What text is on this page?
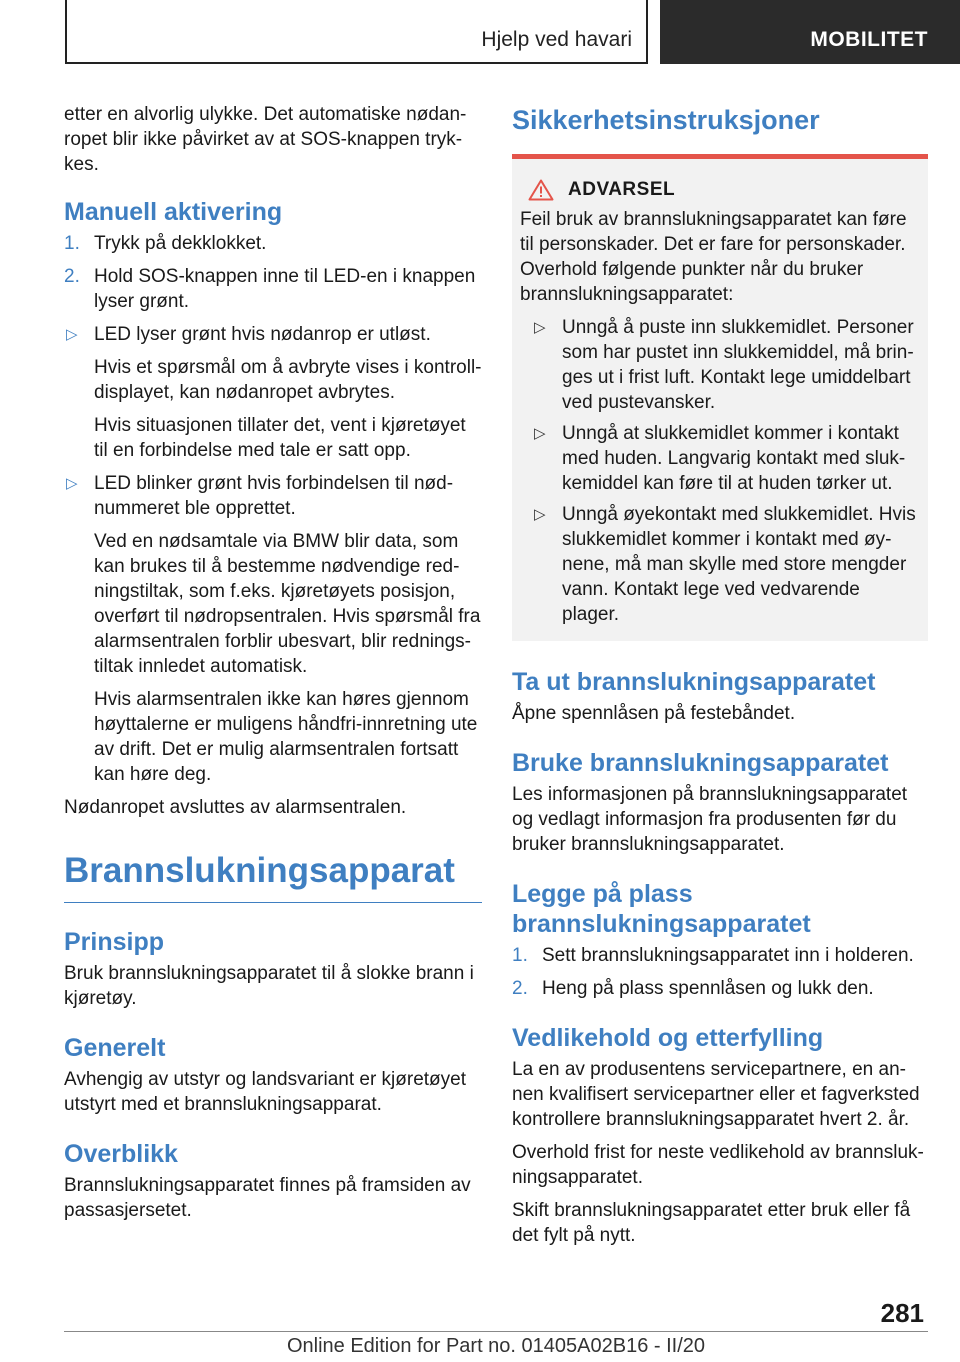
Hjelp ved havari	MOBILITET

etter en alvorlig ulykke. Det automatiske nødan-ropet blir ikke påvirket av at SOS-knappen tryk-kes.

Manuell aktivering
1. Trykk på dekklokket.
2. Hold SOS-knappen inne til LED-en i knappen lyser grønt.
▷ LED lyser grønt hvis nødanrop er utløst.
Hvis et spørsmål om å avbryte vises i kontroll-displayet, kan nødanropet avbrytes.
Hvis situasjonen tillater det, vent i kjøretøyet til en forbindelse med tale er satt opp.
▷ LED blinker grønt hvis forbindelsen til nød-nummeret ble opprettet.
Ved en nødsamtale via BMW blir data, som kan brukes til å bestemme nødvendige red-ningstiltak, som f.eks. kjøretøyets posisjon, overført til nødropsentralen. Hvis spørsmål fra alarmsentralen forblir ubesvart, blir rednings-tiltak innledet automatisk.
Hvis alarmsentralen ikke kan høres gjennom høyttalerne er muligens håndfri-innretning ute av drift. Det er mulig alarmsentralen fortsatt kan høre deg.

Nødanropet avsluttes av alarmsentralen.

Brannslukningsapparat
Prinsipp

Bruk brannslukningsapparatet til å slokke brann i kjøretøy.

Generelt

Avhengig av utstyr og landsvariant er kjøretøyet utstyrt med et brannslukningsapparat.

Overblikk

Brannslukningsapparatet finnes på framsiden av passasjersetet.

Sikkerhetsinstruksjoner
ADVARSEL

Feil bruk av brannslukningsapparatet kan føre til personskader. Det er fare for personskader. Overhold følgende punkter når du bruker brannslukningsapparatet:

▷ Unngå å puste inn slukkemidlet. Personer som har pustet inn slukkemiddel, må brin-ges ut i frist luft. Kontakt lege umiddelbart ved pustevansker.
▷ Unngå at slukkemidlet kommer i kontakt med huden. Langvarig kontakt med sluk-kemiddel kan føre til at huden tørker ut.
▷ Unngå øyekontakt med slukkemidlet. Hvis slukkemidlet kommer i kontakt med øy-nene, må man skylle med store mengder vann. Kontakt lege ved vedvarende plager.
Ta ut brannslukningsapparatet

Åpne spennlåsen på festebåndet.

Bruke brannslukningsapparatet

Les informasjonen på brannslukningsapparatet og vedlagt informasjon fra produsenten før du bruker brannslukningsapparatet.

Legge på plass
brannslukningsapparatet
1. Sett brannslukningsapparatet inn i holderen.
2. Heng på plass spennlåsen og lukk den.
Vedlikehold og etterfylling

La en av produsentens servicepartnere, en an-nen kvalifisert servicepartner eller et fagverksted kontrollere brannslukningsapparatet hvert 2. år.

Overhold frist for neste vedlikehold av brannsluk-ningsapparatet.

Skift brannslukningsapparatet etter bruk eller få det fylt på nytt.

281
Online Edition for Part no. 01405A02B16 - II/20
